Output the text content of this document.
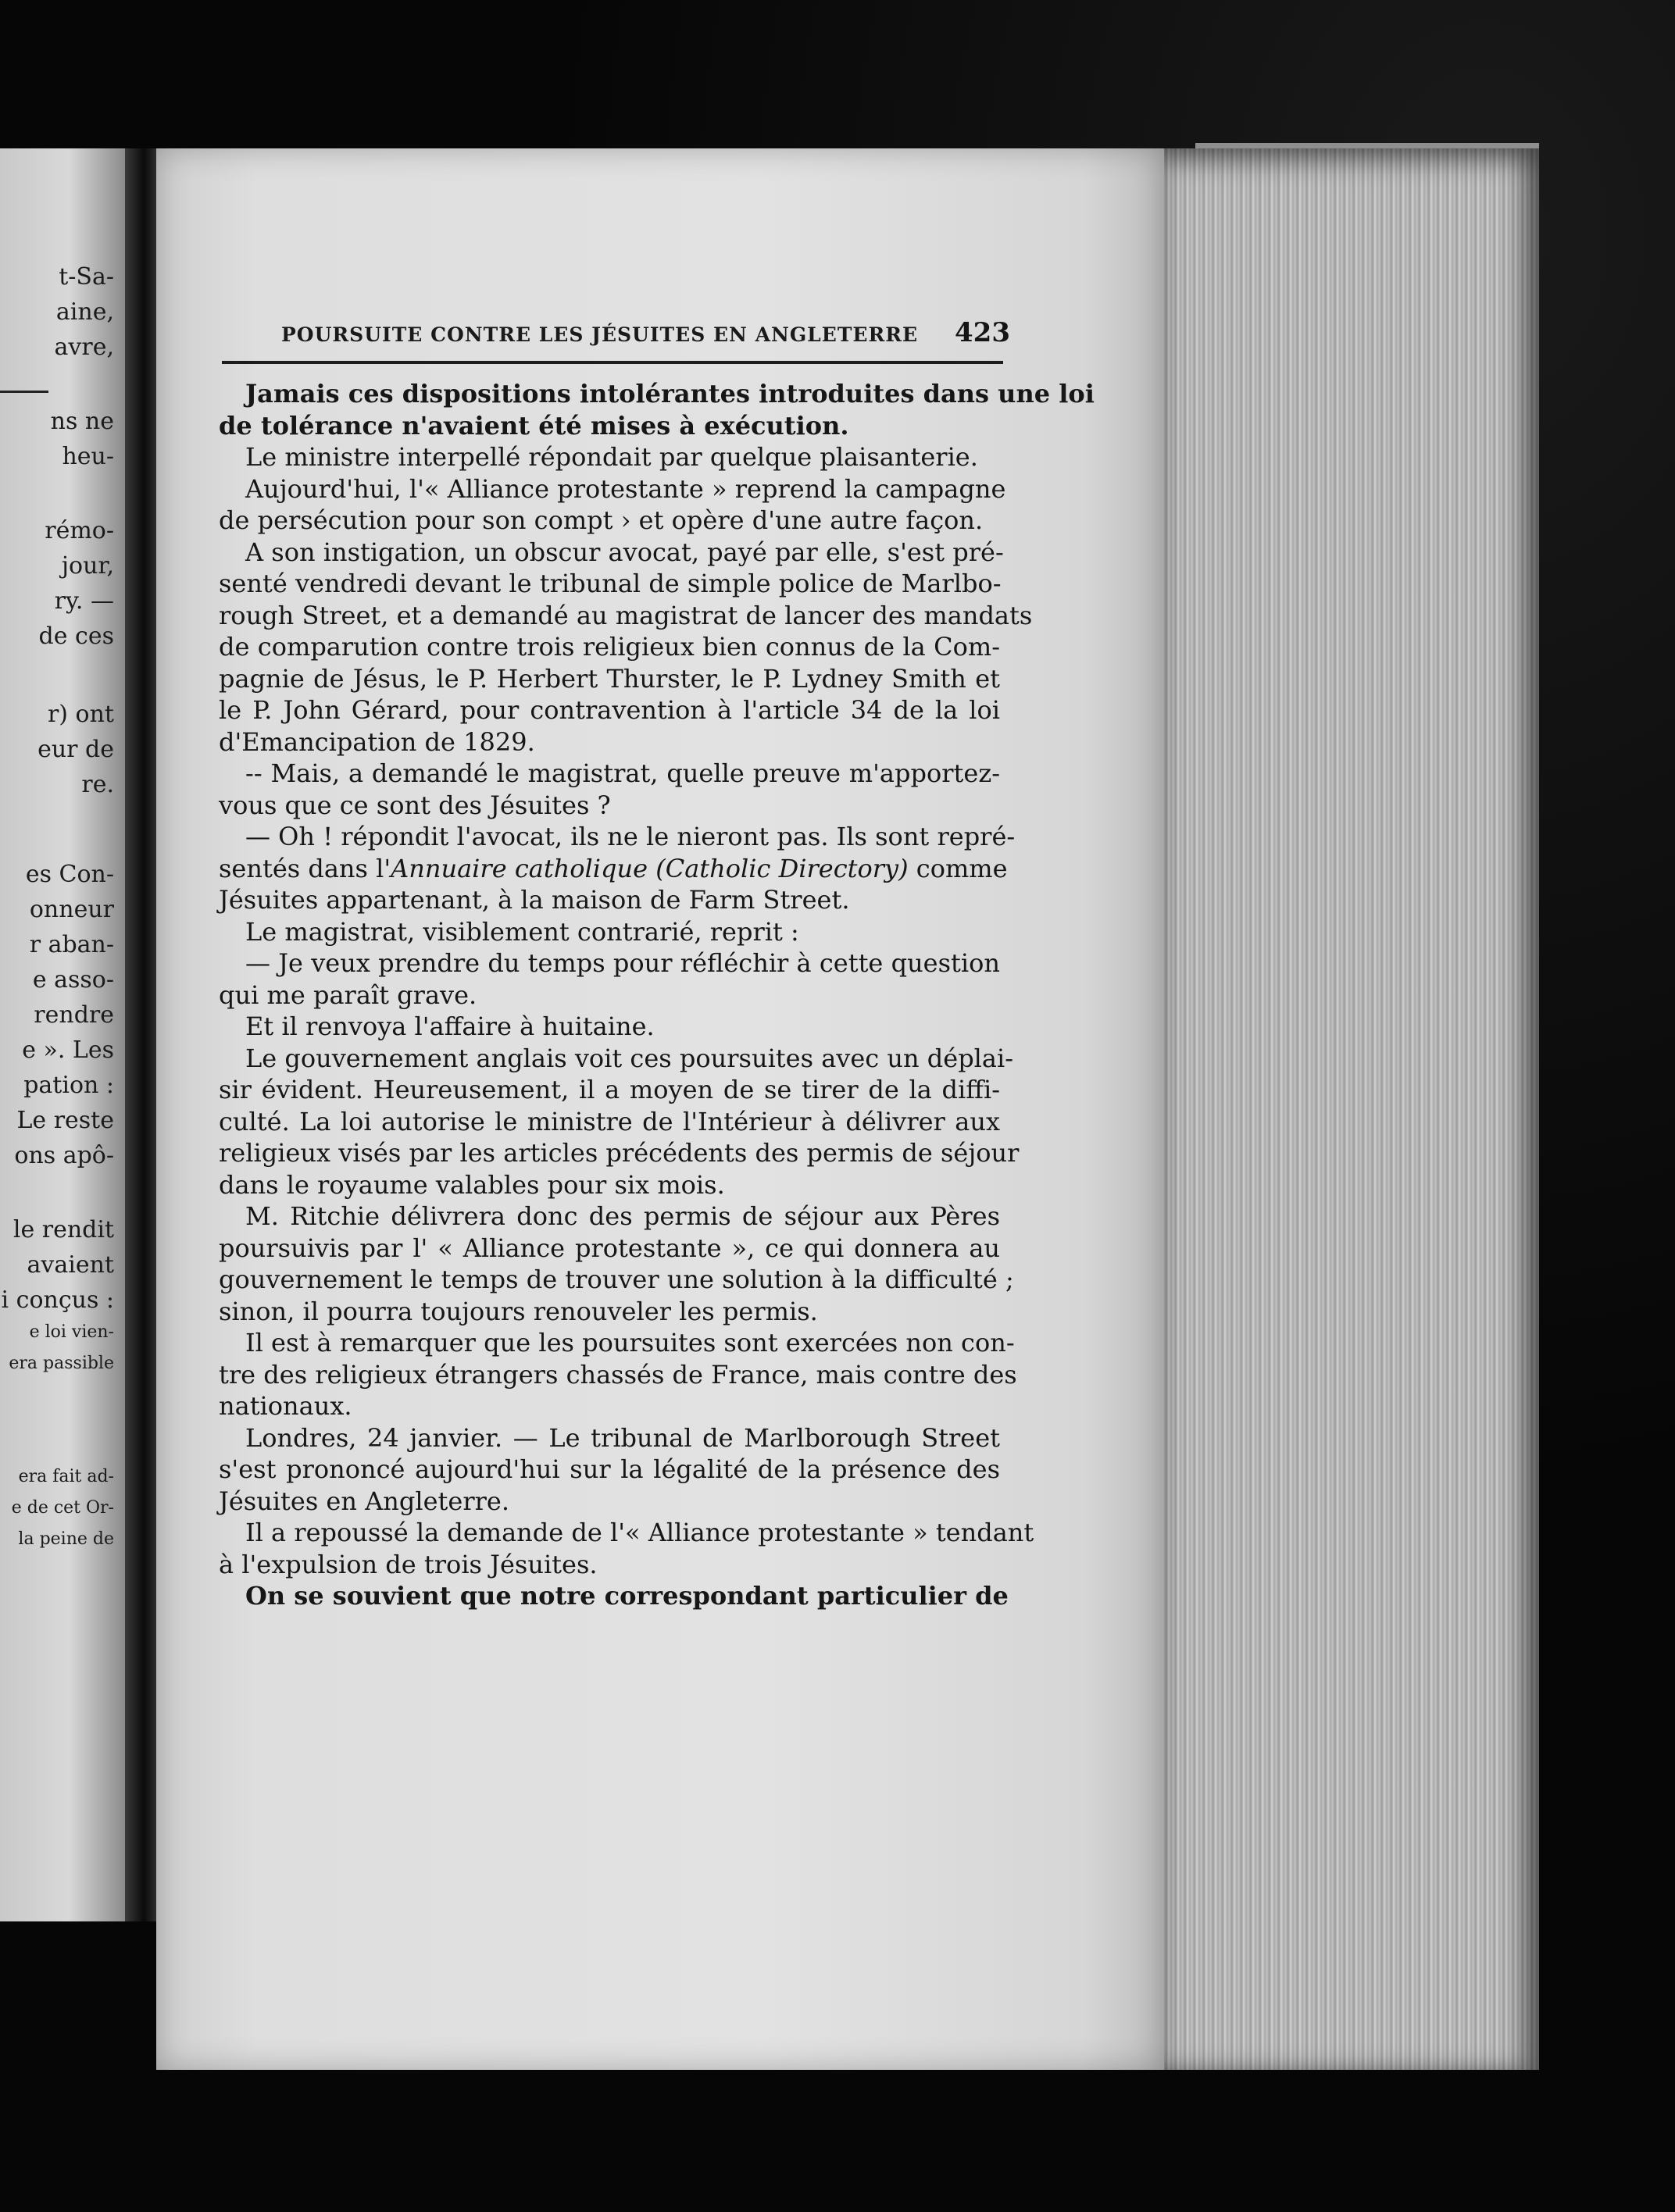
t-Sa-
aine,
avre,
ns ne
heu-
rémo-
jour,
ry. —
de ces
r) ont
eur de
re.
es Con-
onneur
r aban-
e asso-
rendre
e ». Les
pation :
Le reste
ons apô-
le rendit
avaient
i conçus :
e loi vien-
era passible
era fait ad-
e de cet Or-
la peine de
POURSUITE CONTRE LES JÉSUITES EN ANGLETERRE	423
Jamais ces dispositions intolérantes introduites dans une loi
de tolérance n'avaient été mises à exécution.
Le ministre interpellé répondait par quelque plaisanterie.
Aujourd'hui, l'« Alliance protestante » reprend la campagne
de persécution pour son compt › et opère d'une autre façon.
A son instigation, un obscur avocat, payé par elle, s'est pré-
senté vendredi devant le tribunal de simple police de Marlbo-
rough Street, et a demandé au magistrat de lancer des mandats
de comparution contre trois religieux bien connus de la Com-
pagnie de Jésus, le P. Herbert Thurster, le P. Lydney Smith et
le P. John Gérard, pour contravention à l'article 34 de la loi
d'Emancipation de 1829.
-- Mais, a demandé le magistrat, quelle preuve m'apportez-
vous que ce sont des Jésuites ?
— Oh ! répondit l'avocat, ils ne le nieront pas. Ils sont repré-
sentés dans l'Annuaire catholique (Catholic Directory) comme
Jésuites appartenant, à la maison de Farm Street.
Le magistrat, visiblement contrarié, reprit :
— Je veux prendre du temps pour réfléchir à cette question
qui me paraît grave.
Et il renvoya l'affaire à huitaine.
Le gouvernement anglais voit ces poursuites avec un déplai-
sir évident. Heureusement, il a moyen de se tirer de la diffi-
culté. La loi autorise le ministre de l'Intérieur à délivrer aux
religieux visés par les articles précédents des permis de séjour
dans le royaume valables pour six mois.
M. Ritchie délivrera donc des permis de séjour aux Pères
poursuivis par l' « Alliance protestante », ce qui donnera au
gouvernement le temps de trouver une solution à la difficulté ;
sinon, il pourra toujours renouveler les permis.
Il est à remarquer que les poursuites sont exercées non con-
tre des religieux étrangers chassés de France, mais contre des
nationaux.
Londres, 24 janvier. — Le tribunal de Marlborough Street
s'est prononcé aujourd'hui sur la légalité de la présence des
Jésuites en Angleterre.
Il a repoussé la demande de l'« Alliance protestante » tendant
à l'expulsion de trois Jésuites.
On se souvient que notre correspondant particulier de
